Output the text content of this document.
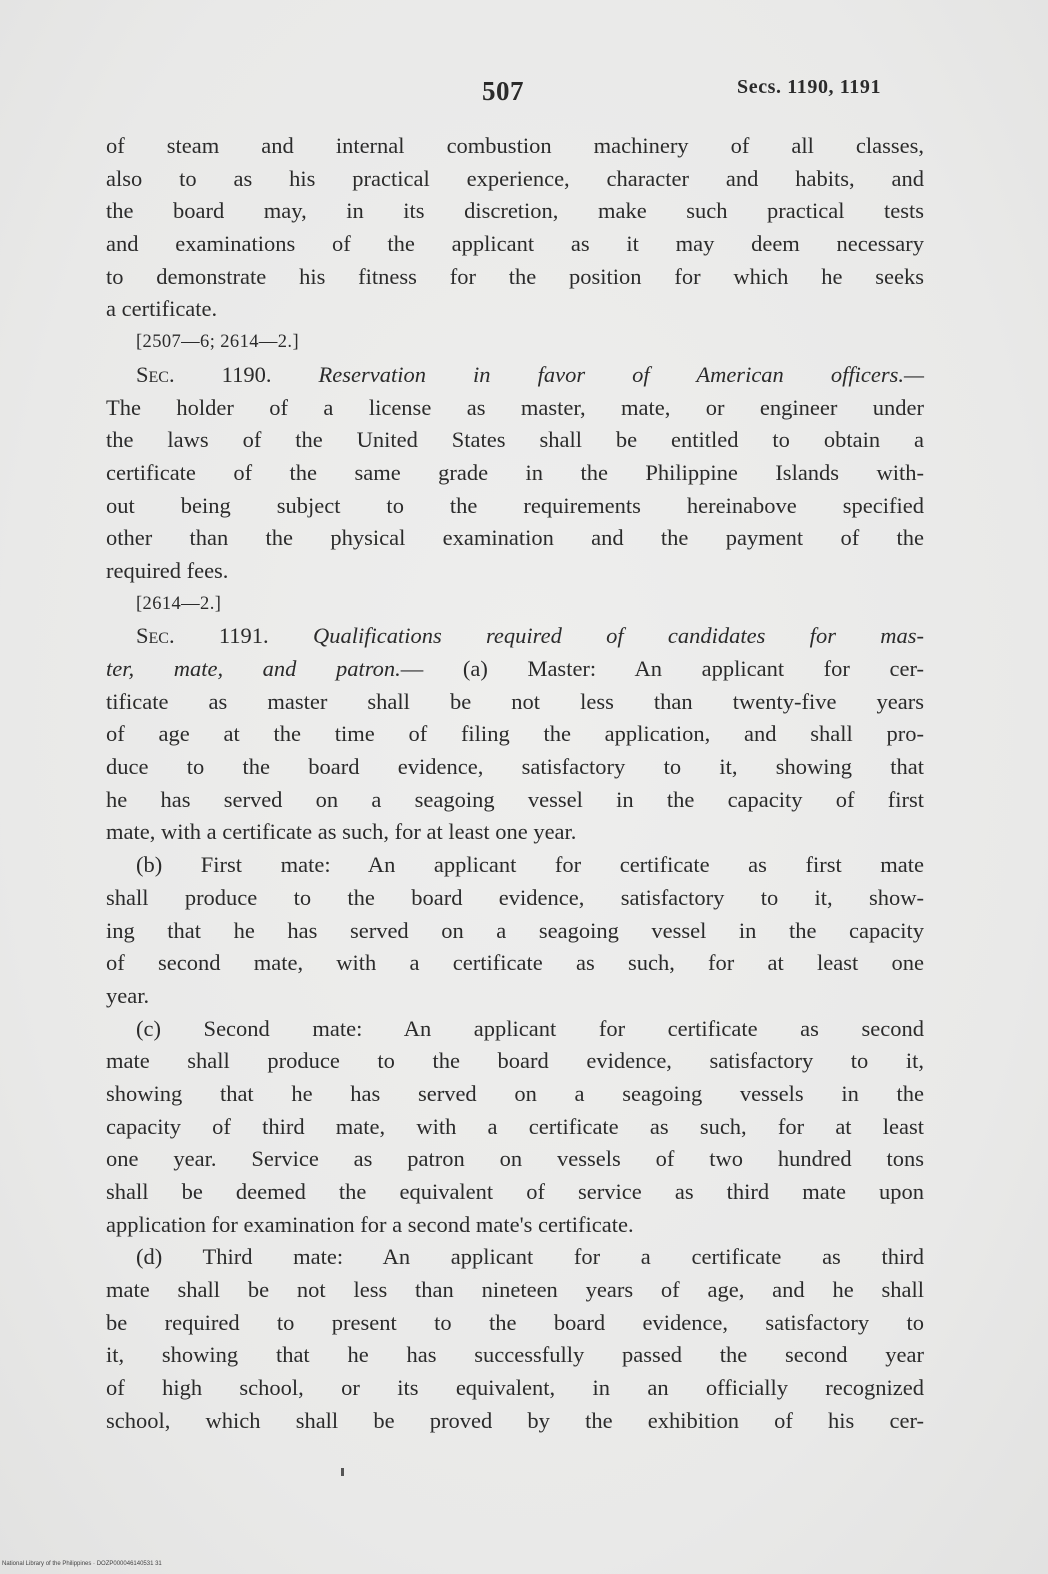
507	Secs. 1190, 1191
of steam and internal combustion machinery of all classes,
also to as his practical experience, character and habits, and
the board may, in its discretion, make such practical tests
and examinations of the applicant as it may deem necessary
to demonstrate his fitness for the position for which he seeks
a certificate.
[2507—6; 2614—2.]
Sec. 1190. Reservation in favor of American officers.—
The holder of a license as master, mate, or engineer under
the laws of the United States shall be entitled to obtain a
certificate of the same grade in the Philippine Islands with-
out being subject to the requirements hereinabove specified
other than the physical examination and the payment of the
required fees.
[2614—2.]
Sec. 1191. Qualifications required of candidates for mas-
ter, mate, and patron.— (a) Master: An applicant for cer-
tificate as master shall be not less than twenty-five years
of age at the time of filing the application, and shall pro-
duce to the board evidence, satisfactory to it, showing that
he has served on a seagoing vessel in the capacity of first
mate, with a certificate as such, for at least one year.
(b) First mate: An applicant for certificate as first mate
shall produce to the board evidence, satisfactory to it, show-
ing that he has served on a seagoing vessel in the capacity
of second mate, with a certificate as such, for at least one
year.
(c) Second mate: An applicant for certificate as second
mate shall produce to the board evidence, satisfactory to it,
showing that he has served on a seagoing vessels in the
capacity of third mate, with a certificate as such, for at least
one year. Service as patron on vessels of two hundred tons
shall be deemed the equivalent of service as third mate upon
application for examination for a second mate's certificate.
(d) Third mate: An applicant for a certificate as third
mate shall be not less than nineteen years of age, and he shall
be required to present to the board evidence, satisfactory to
it, showing that he has successfully passed the second year
of high school, or its equivalent, in an officially recognized
school, which shall be proved by the exhibition of his cer-
National Library of the Philippines · DOZP000046140531 31
